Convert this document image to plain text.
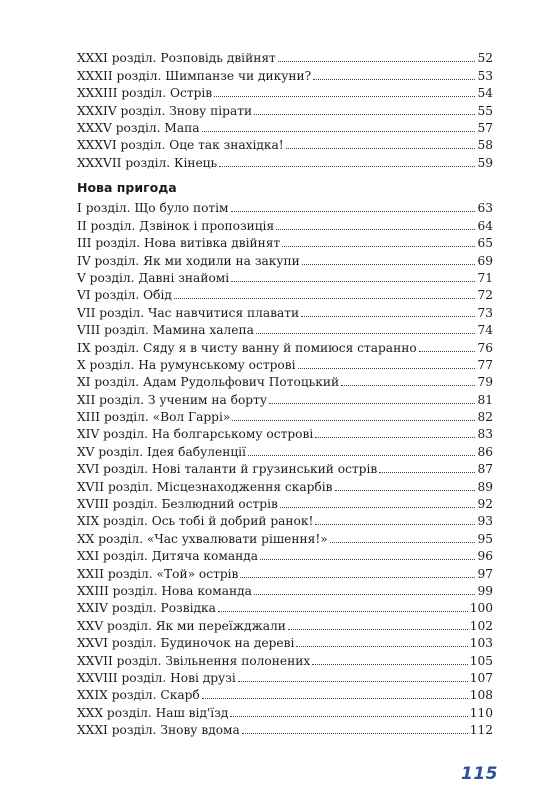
XXXI розділ. Розповідь двійнят	52
XXXII розділ. Шимпанзе чи дикуни?	53
XXXIII розділ. Острів	54
XXXIV розділ. Знову пірати	55
XXXV розділ. Мапа	57
XXXVI розділ. Оце так знахідка!	58
XXXVII розділ. Кінець	59
Нова пригода
І розділ. Що було потім	63
ІІ розділ. Дзвінок і пропозиція	64
ІІІ розділ. Нова витівка двійнят	65
IV розділ. Як ми ходили на закупи	69
V розділ. Давні знайомі	71
VI розділ. Обід	72
VII розділ. Час навчитися плавати	73
VIII розділ. Мамина халепа	74
IX розділ. Сяду я в чисту ванну й помиюся старанно	76
X розділ. На румунському острові	77
XI розділ. Адам Рудольфович Потоцький	79
XII розділ. З ученим на борту	81
XIII розділ. «Вол Гаррі»	82
XIV розділ. На болгарському острові	83
XV розділ. Ідея бабуленції	86
XVI розділ. Нові таланти й грузинський острів	87
XVII розділ. Місцезнаходження скарбів	89
XVIII розділ. Безлюдний острів	92
XIX розділ. Ось тобі й добрий ранок!	93
XX розділ. «Час ухвалювати рішення!»	95
XXI розділ. Дитяча команда	96
XXII розділ. «Той» острів	97
XXIII розділ. Нова команда	99
XXIV розділ. Розвідка	100
XXV розділ. Як ми переїжджали	102
XXVI розділ. Будиночок на дереві	103
XXVII розділ. Звільнення полонених	105
XXVIII розділ. Нові друзі	107
XXIX розділ. Скарб	108
XXX розділ. Наш від'їзд	110
XXXI розділ. Знову вдома	112
115
